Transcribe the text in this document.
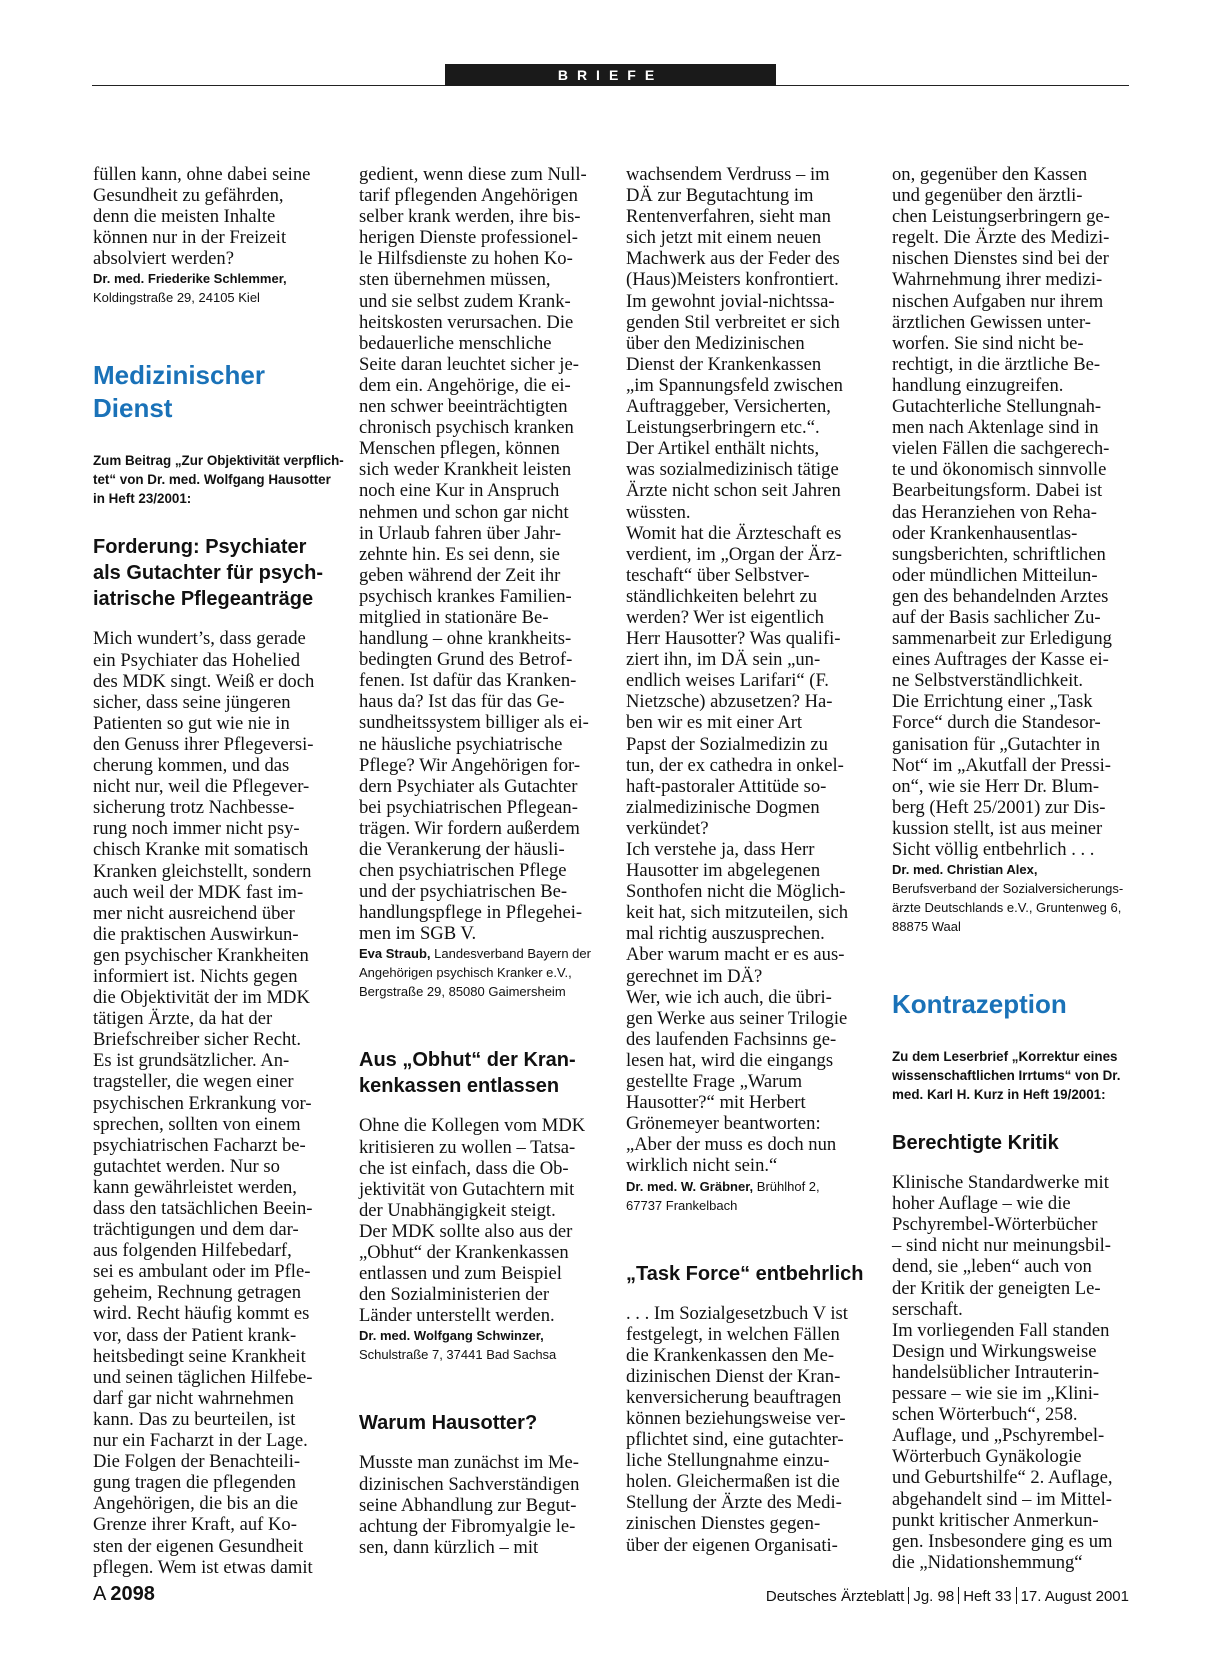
BRIEFE
füllen kann, ohne dabei seine
Gesundheit zu gefährden,
denn die meisten Inhalte
können nur in der Freizeit
absolviert werden?
Dr. med. Friederike Schlemmer,
Koldingstraße 29, 24105 Kiel
Medizinischer
Dienst
Zum Beitrag „Zur Objektivität verpflich-
tet“ von Dr. med. Wolfgang Hausotter
in Heft 23/2001:
Forderung: Psychiater
als Gutachter für psych-
iatrische Pflegeanträge
Mich wundert’s, dass gerade
ein Psychiater das Hohelied
des MDK singt. Weiß er doch
sicher, dass seine jüngeren
Patienten so gut wie nie in
den Genuss ihrer Pflegeversi-
cherung kommen, und das
nicht nur, weil die Pflegever-
sicherung trotz Nachbesse-
rung noch immer nicht psy-
chisch Kranke mit somatisch
Kranken gleichstellt, sondern
auch weil der MDK fast im-
mer nicht ausreichend über
die praktischen Auswirkun-
gen psychischer Krankheiten
informiert ist. Nichts gegen
die Objektivität der im MDK
tätigen Ärzte, da hat der
Briefschreiber sicher Recht.
Es ist grundsätzlicher. An-
tragsteller, die wegen einer
psychischen Erkrankung vor-
sprechen, sollten von einem
psychiatrischen Facharzt be-
gutachtet werden. Nur so
kann gewährleistet werden,
dass den tatsächlichen Beein-
trächtigungen und dem dar-
aus folgenden Hilfebedarf,
sei es ambulant oder im Pfle-
geheim, Rechnung getragen
wird. Recht häufig kommt es
vor, dass der Patient krank-
heitsbedingt seine Krankheit
und seinen täglichen Hilfebe-
darf gar nicht wahrnehmen
kann. Das zu beurteilen, ist
nur ein Facharzt in der Lage.
Die Folgen der Benachteili-
gung tragen die pflegenden
Angehörigen, die bis an die
Grenze ihrer Kraft, auf Ko-
sten der eigenen Gesundheit
pflegen. Wem ist etwas damit
gedient, wenn diese zum Null-
tarif pflegenden Angehörigen
selber krank werden, ihre bis-
herigen Dienste professionel-
le Hilfsdienste zu hohen Ko-
sten übernehmen müssen,
und sie selbst zudem Krank-
heitskosten verursachen. Die
bedauerliche menschliche
Seite daran leuchtet sicher je-
dem ein. Angehörige, die ei-
nen schwer beeinträchtigten
chronisch psychisch kranken
Menschen pflegen, können
sich weder Krankheit leisten
noch eine Kur in Anspruch
nehmen und schon gar nicht
in Urlaub fahren über Jahr-
zehnte hin. Es sei denn, sie
geben während der Zeit ihr
psychisch krankes Familien-
mitglied in stationäre Be-
handlung – ohne krankheits-
bedingten Grund des Betrof-
fenen. Ist dafür das Kranken-
haus da? Ist das für das Ge-
sundheitssystem billiger als ei-
ne häusliche psychiatrische
Pflege? Wir Angehörigen for-
dern Psychiater als Gutachter
bei psychiatrischen Pflegean-
trägen. Wir fordern außerdem
die Verankerung der häusli-
chen psychiatrischen Pflege
und der psychiatrischen Be-
handlungspflege in Pflegehei-
men im SGB V.
Eva Straub, Landesverband Bayern der
Angehörigen psychisch Kranker e.V.,
Bergstraße 29, 85080 Gaimersheim
Aus „Obhut“ der Kran-
kenkassen entlassen
Ohne die Kollegen vom MDK
kritisieren zu wollen – Tatsa-
che ist einfach, dass die Ob-
jektivität von Gutachtern mit
der Unabhängigkeit steigt.
Der MDK sollte also aus der
„Obhut“ der Krankenkassen
entlassen und zum Beispiel
den Sozialministerien der
Länder unterstellt werden.
Dr. med. Wolfgang Schwinzer,
Schulstraße 7, 37441 Bad Sachsa
Warum Hausotter?
Musste man zunächst im Me-
dizinischen Sachverständigen
seine Abhandlung zur Begut-
achtung der Fibromyalgie le-
sen, dann kürzlich – mit
wachsendem Verdruss – im
DÄ zur Begutachtung im
Rentenverfahren, sieht man
sich jetzt mit einem neuen
Machwerk aus der Feder des
(Haus)Meisters konfrontiert.
Im gewohnt jovial-nichtssa-
genden Stil verbreitet er sich
über den Medizinischen
Dienst der Krankenkassen
„im Spannungsfeld zwischen
Auftraggeber, Versicherten,
Leistungserbringern etc.“.
Der Artikel enthält nichts,
was sozialmedizinisch tätige
Ärzte nicht schon seit Jahren
wüssten.
Womit hat die Ärzteschaft es
verdient, im „Organ der Ärz-
teschaft“ über Selbstver-
ständlichkeiten belehrt zu
werden? Wer ist eigentlich
Herr Hausotter? Was qualifi-
ziert ihn, im DÄ sein „un-
endlich weises Larifari“ (F.
Nietzsche) abzusetzen? Ha-
ben wir es mit einer Art
Papst der Sozialmedizin zu
tun, der ex cathedra in onkel-
haft-pastoraler Attitüde so-
zialmedizinische Dogmen
verkündet?
Ich verstehe ja, dass Herr
Hausotter im abgelegenen
Sonthofen nicht die Möglich-
keit hat, sich mitzuteilen, sich
mal richtig auszusprechen.
Aber warum macht er es aus-
gerechnet im DÄ?
Wer, wie ich auch, die übri-
gen Werke aus seiner Trilogie
des laufenden Fachsinns ge-
lesen hat, wird die eingangs
gestellte Frage „Warum
Hausotter?“ mit Herbert
Grönemeyer beantworten:
„Aber der muss es doch nun
wirklich nicht sein.“
Dr. med. W. Gräbner, Brühlhof 2,
67737 Frankelbach
„Task Force“ entbehrlich
. . . Im Sozialgesetzbuch V ist
festgelegt, in welchen Fällen
die Krankenkassen den Me-
dizinischen Dienst der Kran-
kenversicherung beauftragen
können beziehungsweise ver-
pflichtet sind, eine gutachter-
liche Stellungnahme einzu-
holen. Gleichermaßen ist die
Stellung der Ärzte des Medi-
zinischen Dienstes gegen-
über der eigenen Organisati-
on, gegenüber den Kassen
und gegenüber den ärztli-
chen Leistungserbringern ge-
regelt. Die Ärzte des Medizi-
nischen Dienstes sind bei der
Wahrnehmung ihrer medizi-
nischen Aufgaben nur ihrem
ärztlichen Gewissen unter-
worfen. Sie sind nicht be-
rechtigt, in die ärztliche Be-
handlung einzugreifen.
Gutachterliche Stellungnah-
men nach Aktenlage sind in
vielen Fällen die sachgerech-
te und ökonomisch sinnvolle
Bearbeitungsform. Dabei ist
das Heranziehen von Reha-
oder Krankenhausentlas-
sungsberichten, schriftlichen
oder mündlichen Mitteilun-
gen des behandelnden Arztes
auf der Basis sachlicher Zu-
sammenarbeit zur Erledigung
eines Auftrages der Kasse ei-
ne Selbstverständlichkeit.
Die Errichtung einer „Task
Force“ durch die Standesor-
ganisation für „Gutachter in
Not“ im „Akutfall der Pressi-
on“, wie sie Herr Dr. Blum-
berg (Heft 25/2001) zur Dis-
kussion stellt, ist aus meiner
Sicht völlig entbehrlich . . .
Dr. med. Christian Alex,
Berufsverband der Sozialversicherungs-
ärzte Deutschlands e.V., Gruntenweg 6,
88875 Waal
Kontrazeption
Zu dem Leserbrief „Korrektur eines
wissenschaftlichen Irrtums“ von Dr.
med. Karl H. Kurz in Heft 19/2001:
Berechtigte Kritik
Klinische Standardwerke mit
hoher Auflage – wie die
Pschyrembel-Wörterbücher
– sind nicht nur meinungsbil-
dend, sie „leben“ auch von
der Kritik der geneigten Le-
serschaft.
Im vorliegenden Fall standen
Design und Wirkungsweise
handelsüblicher Intrauterin-
pessare – wie sie im „Klini-
schen Wörterbuch“, 258.
Auflage, und „Pschyrembel-
Wörterbuch Gynäkologie
und Geburtshilfe“ 2. Auflage,
abgehandelt sind – im Mittel-
punkt kritischer Anmerkun-
gen. Insbesondere ging es um
die „Nidationshemmung“
A  2098	Deutsches Ärzteblatt Jg. 98 Heft 33 17. August 2001
